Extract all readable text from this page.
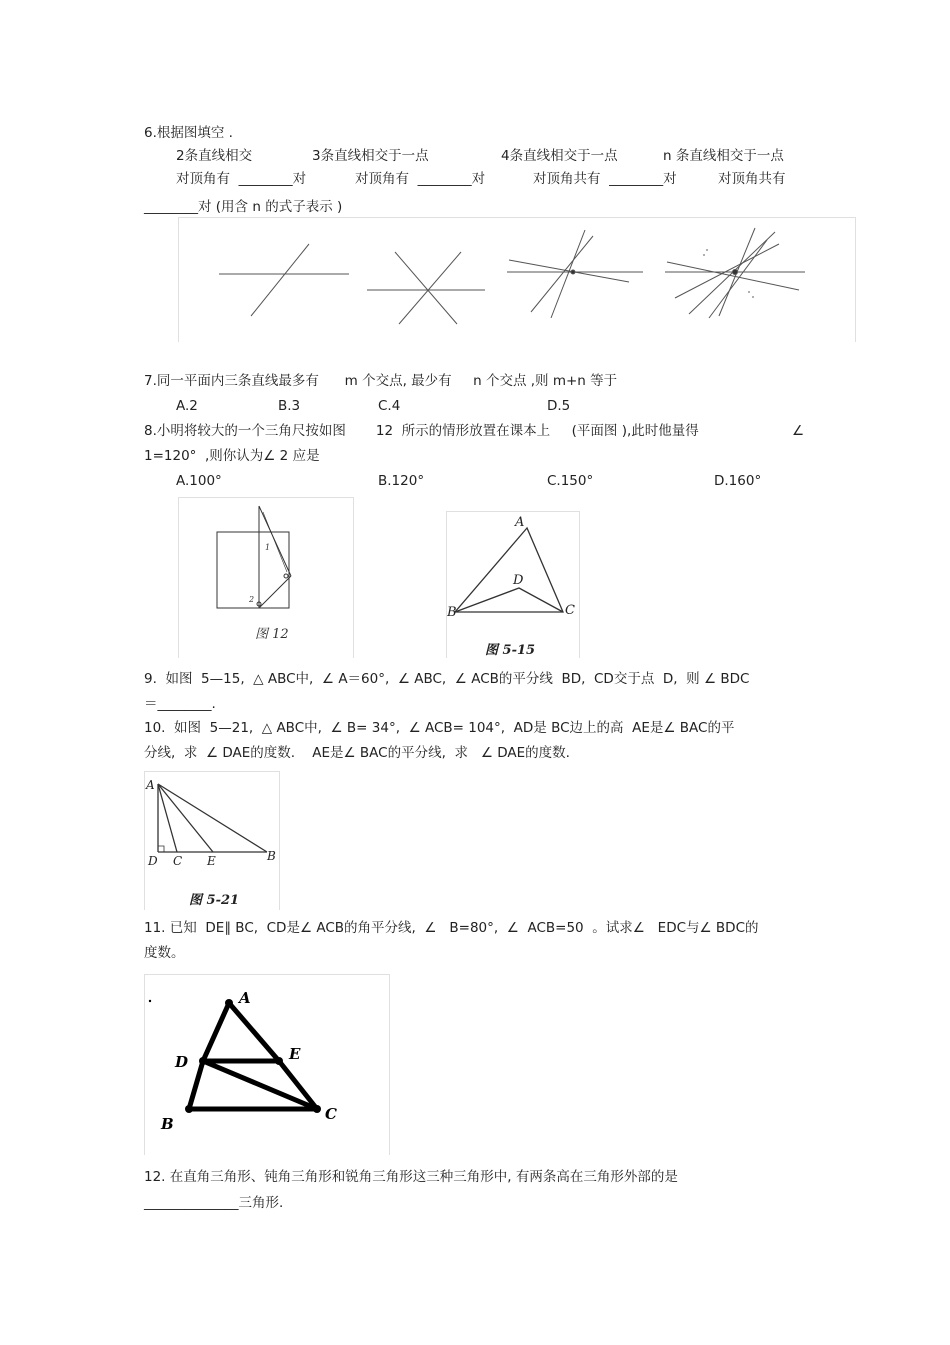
6.根据图填空 .
2条直线相交	3条直线相交于一点	4条直线相交于一点	n 条直线相交于一点
对顶角有  ________对	对顶角有  ________对	对顶角共有  ________对	对顶角共有
________对 (用含 n 的式子表示 )
7.同一平面内三条直线最多有      m 个交点, 最少有     n 个交点 ,则 m+n 等于
A.2	B.3	C.4	D.5
8.小明将较大的一个三角尺按如图       12  所示的情形放置在课本上     (平面图 ),此时他量得	∠
1=120°  ,则你认为∠ 2 应是
A.100°	B.120°	C.150°	D.160°
1
2
图 12
A
D
B	C
图 5-15
9.  如图  5—15,  △ ABC中,  ∠ A＝60°,  ∠ ABC,  ∠ ACB的平分线  BD,  CD交于点  D,  则 ∠ BDC
＝________.
10.  如图  5—21,  △ ABC中,  ∠ B= 34°,  ∠ ACB= 104°,  AD是 BC边上的高  AE是∠ BAC的平
分线,  求  ∠ DAE的度数.    AE是∠ BAC的平分线,  求   ∠ DAE的度数.
A
D C E	B
图 5-21
11. 已知  DE∥ BC,  CD是∠ ACB的角平分线,  ∠   B=80°,  ∠  ACB=50  。试求∠   EDC与∠ BDC的
度数。
A
D	E
B
C
12. 在直角三角形、钝角三角形和锐角三角形这三种三角形中, 有两条高在三角形外部的是
______________三角形.
